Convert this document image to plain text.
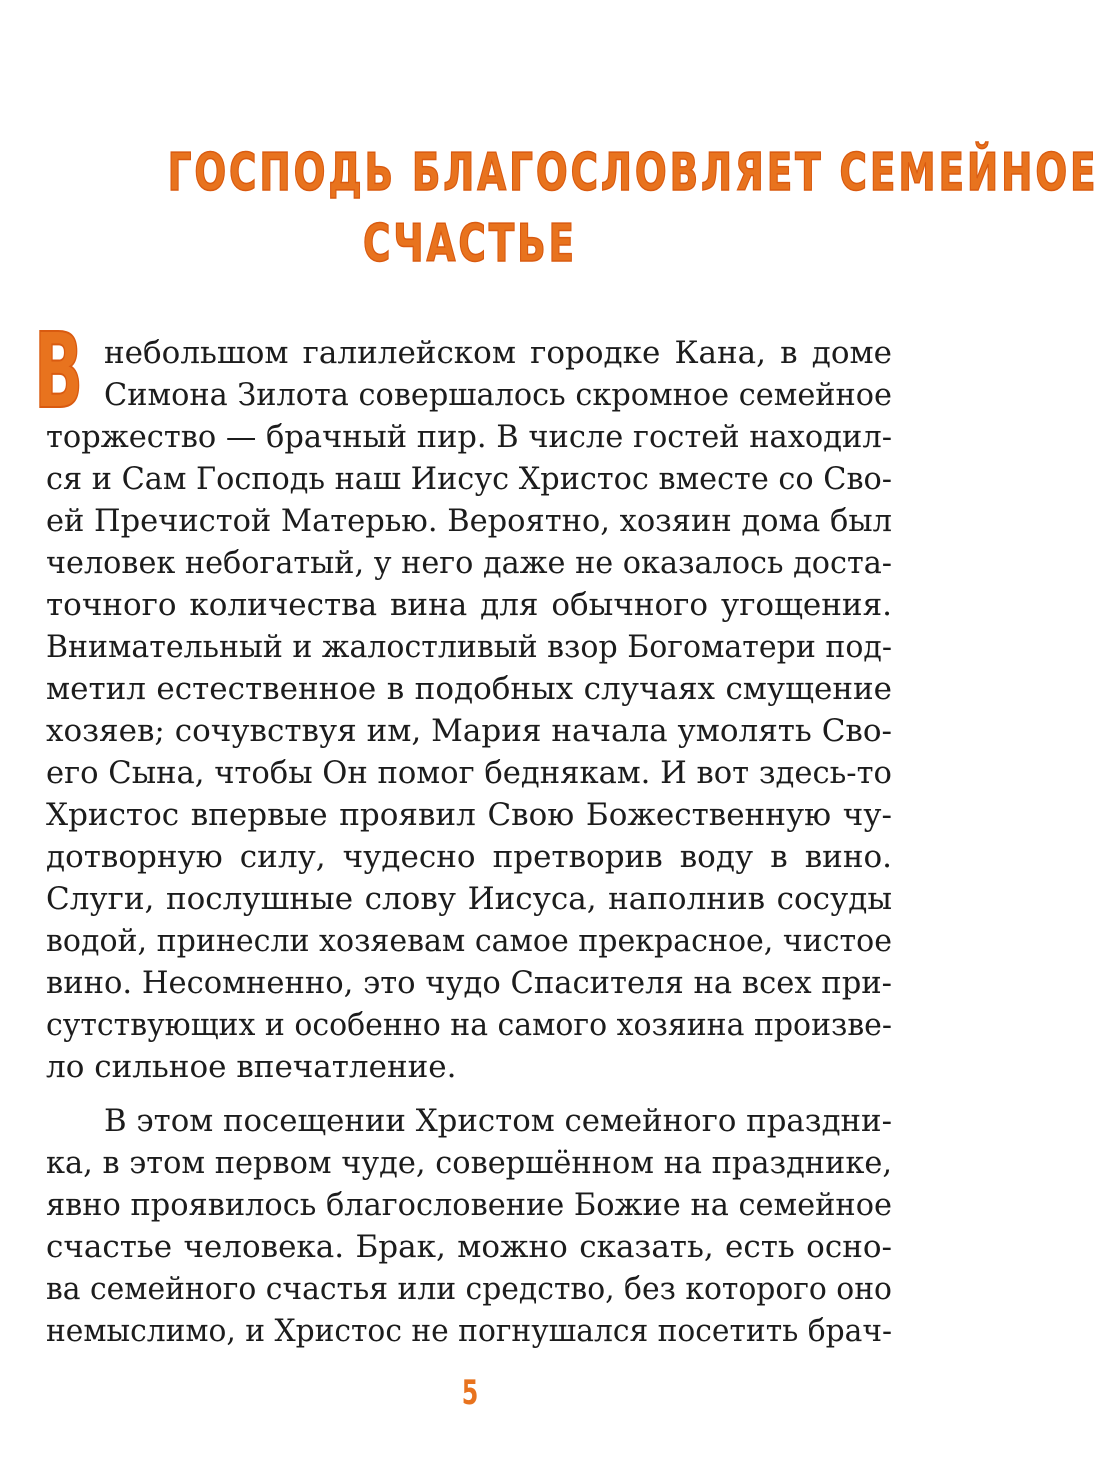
ГОСПОДЬ БЛАГОСЛОВЛЯЕТ СЕМЕЙНОЕ
СЧАСТЬЕ
В небольшом галилейском городке Кана, в доме
Симона Зилота совершалось скромное семейное
торжество — брачный пир. В числе гостей находил-
ся и Сам Господь наш Иисус Христос вместе со Сво-
ей Пречистой Матерью. Вероятно, хозяин дома был
человек небогатый, у него даже не оказалось доста-
точного количества вина для обычного угощения.
Внимательный и жалостливый взор Богоматери под-
метил естественное в подобных случаях смущение
хозяев; сочувствуя им, Мария начала умолять Сво-
его Сына, чтобы Он помог беднякам. И вот здесь-то
Христос впервые проявил Свою Божественную чу-
дотворную силу, чудесно претворив воду в вино.
Слуги, послушные слову Иисуса, наполнив сосуды
водой, принесли хозяевам самое прекрасное, чистое
вино. Несомненно, это чудо Спасителя на всех при-
сутствующих и особенно на самого хозяина произве-
ло сильное впечатление.
В этом посещении Христом семейного праздни-
ка, в этом первом чуде, совершённом на празднике,
явно проявилось благословение Божие на семейное
счастье человека. Брак, можно сказать, есть осно-
ва семейного счастья или средство, без которого оно
немыслимо, и Христос не погнушался посетить брач-
5
